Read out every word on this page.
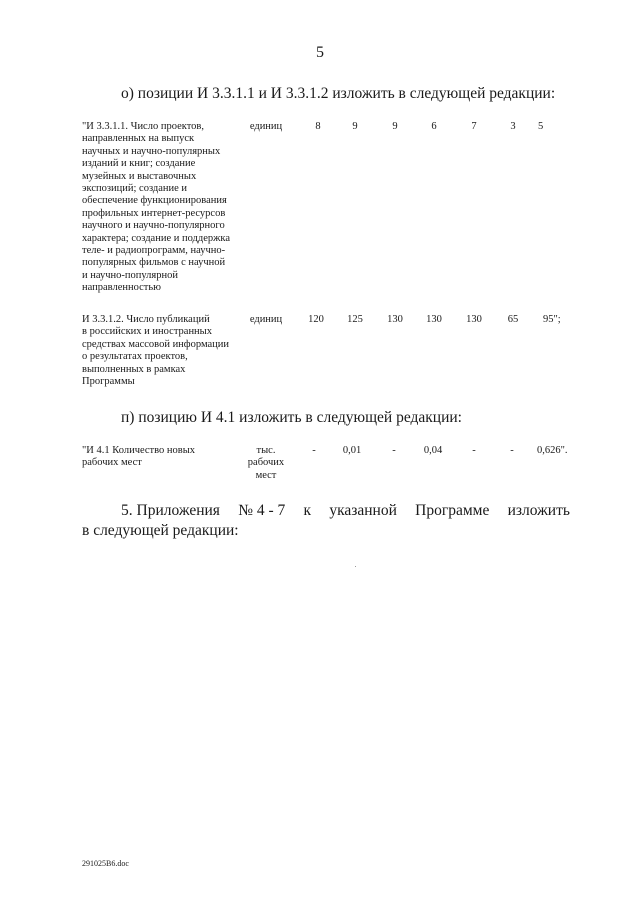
5
о) позиции И 3.3.1.1 и И 3.3.1.2 изложить в следующей редакции:
"И 3.3.1.1. Число проектов,
направленных на выпуск
научных и научно-популярных
изданий и книг; создание
музейных и выставочных
экспозиций; создание и
обеспечение функционирования
профильных интернет-ресурсов
научного и научно-популярного
характера; создание и поддержка
теле- и радиопрограмм, научно-
популярных фильмов с научной
и научно-популярной
направленностью
единиц	8	9	9	6	7	3	5
И 3.3.1.2. Число публикаций
в российских и иностранных
средствах массовой информации
о результатах проектов,
выполненных в рамках
Программы
единиц	120	125	130	130	130	65	95";
п) позицию И 4.1 изложить в следующей редакции:
"И 4.1 Количество новых
рабочих мест
тыс.
рабочих
мест
-	0,01	-	0,04	-	-	0,626".
5. Приложения № 4 - 7 к указанной Программе изложить
в следующей редакции:
291025В6.doc
